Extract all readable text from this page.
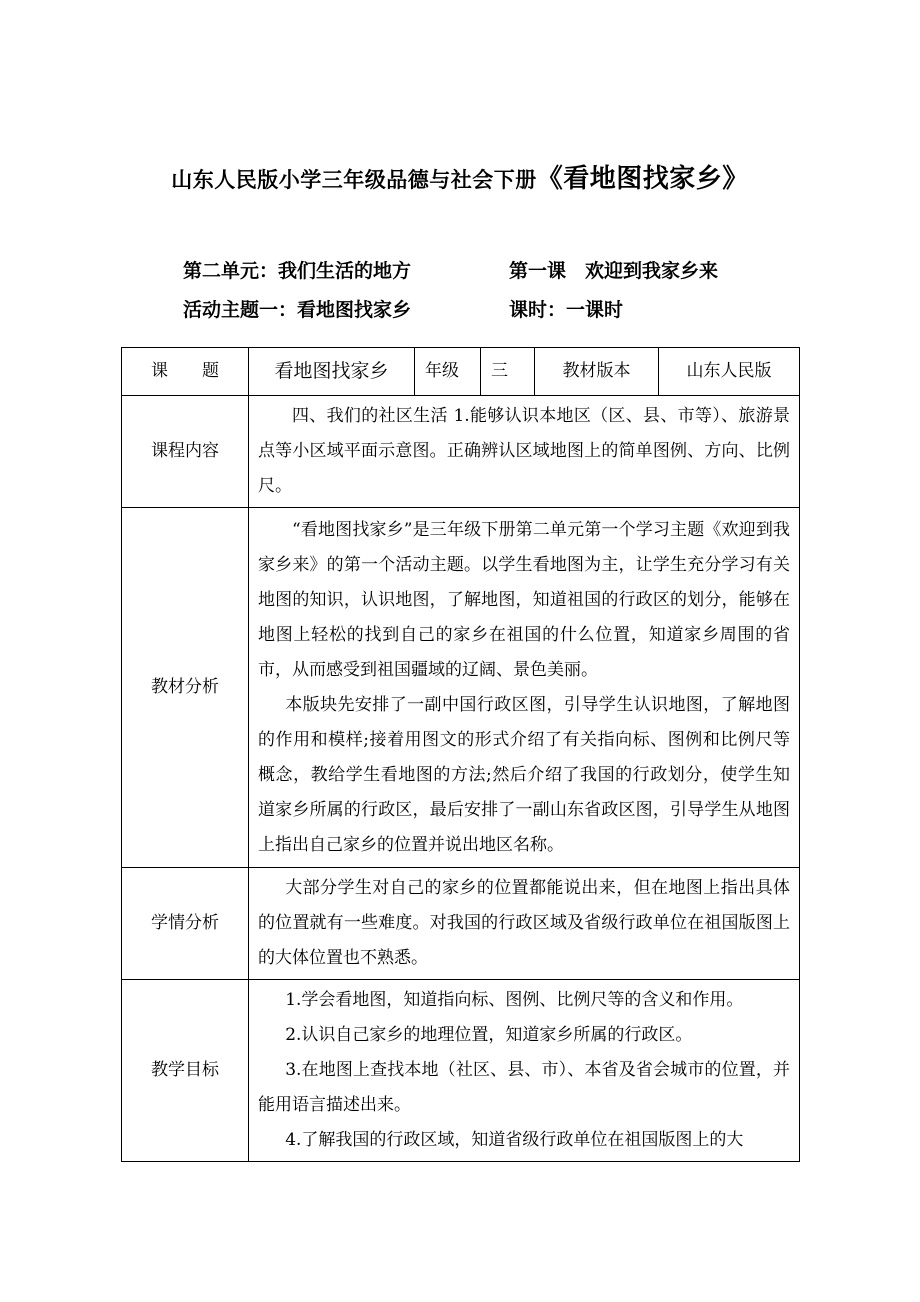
山东人民版小学三年级品德与社会下册《看地图找家乡》
第二单元：我们生活的地方	第一课　欢迎到我家乡来
活动主题一：看地图找家乡	课时：一课时
课　　题	看地图找家乡	年级	三	教材版本	山东人民版
课程内容	四、我们的社区生活 1.能够认识本地区（区、县、市等）、旅游景点等小区域平面示意图。正确辨认区域地图上的简单图例、方向、比例尺。				

教材分析	“看地图找家乡”是三年级下册第二单元第一个学习主题《欢迎到我家乡来》的第一个活动主题。以学生看地图为主，让学生充分学习有关地图的知识，认识地图，了解地图，知道祖国的行政区的划分，能够在地图上轻松的找到自己的家乡在祖国的什么位置，知道家乡周围的省市，从而感受到祖国疆域的辽阔、景色美丽。

本版块先安排了一副中国行政区图，引导学生认识地图，了解地图的作用和模样;接着用图文的形式介绍了有关指向标、图例和比例尺等概念，教给学生看地图的方法;然后介绍了我国的行政划分，使学生知道家乡所属的行政区，最后安排了一副山东省政区图，引导学生从地图上指出自己家乡的位置并说出地区名称。				

学情分析	大部分学生对自己的家乡的位置都能说出来，但在地图上指出具体的位置就有一些难度。对我国的行政区域及省级行政单位在祖国版图上的大体位置也不熟悉。				

教学目标	1.学会看地图，知道指向标、图例、比例尺等的含义和作用。

2.认识自己家乡的地理位置，知道家乡所属的行政区。

3.在地图上查找本地（社区、县、市）、本省及省会城市的位置，并能用语言描述出来。

4.了解我国的行政区域，知道省级行政单位在祖国版图上的大				
